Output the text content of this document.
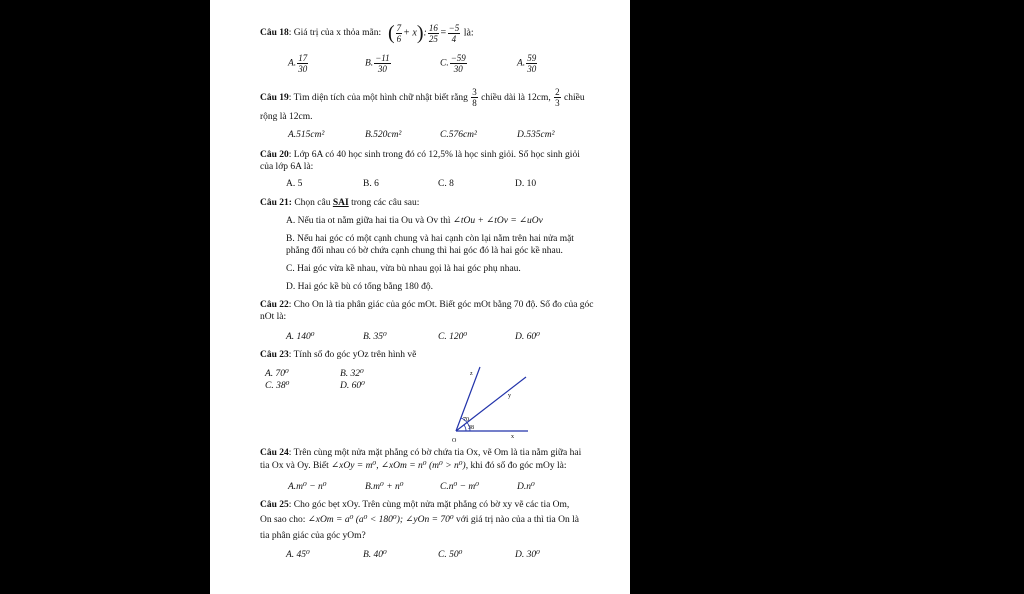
Câu 18: Giá trị của x thỏa mãn: ( $\frac{7}{6} + x$): $\frac{16}{25} = \frac{-5}{4}$ là:
A. $\frac{17}{30}$	B. $\frac{-11}{30}$	C. $\frac{-59}{30}$	A. $\frac{59}{30}$
Câu 19: Tìm diện tích của một hình chữ nhật biết rằng $\frac{3}{8}$ chiều dài là 12cm, $\frac{2}{3}$ chiều
rộng là 12cm.
A.515cm²	B.520cm²	C.576cm²	D.535cm²
Câu 20: Lớp 6A có 40 học sinh trong đó có 12,5% là học sinh giỏi. Số học sinh giỏi của lớp 6A là:
A. 5	B. 6	C. 8	D. 10
Câu 21: Chọn câu SAI trong các câu sau:
A. Nếu tia ot nằm giữa hai tia Ou và Ov thì ∠tOu + ∠tOv = ∠uOv
B. Nếu hai góc có một cạnh chung và hai cạnh còn lại nằm trên hai nửa mặt phẳng đối nhau có bờ chứa cạnh chung thì hai góc đó là hai góc kề nhau.
C. Hai góc vừa kề nhau, vừa bù nhau gọi là hai góc phụ nhau.
D. Hai góc kề bù có tổng bằng 180 độ.
Câu 22: Cho On là tia phân giác của góc mOt. Biết góc mOt bằng 70 độ. Số đo của góc nOt là:
A. 140⁰	B. 35⁰	C. 120⁰	D. 60⁰
Câu 23: Tính số đo góc yOz trên hình vẽ
A. 70⁰	B. 32⁰
C. 38⁰	D. 60⁰
z
y
x
O
70
38
Câu 24: Trên cùng một nửa mặt phẳng có bờ chứa tia Ox, vẽ Om là tia nằm giữa hai
tia Ox và Oy. Biết ∠xOy = m⁰, ∠xOm = n⁰ (m⁰ > n⁰), khi đó số đo góc mOy là:
A.m⁰ − n⁰	B.m⁰ + n⁰	C.n⁰ − m⁰	D.n⁰
Câu 25: Cho góc bẹt xOy. Trên cùng một nửa mặt phẳng có bờ xy vẽ các tia Om,
On sao cho: ∠xOm = a⁰ (a⁰ < 180⁰); ∠yOn = 70⁰ với giá trị nào của a thì tia On là
tia phân giác của góc yOm?
A. 45⁰	B. 40⁰	C. 50⁰	D. 30⁰
